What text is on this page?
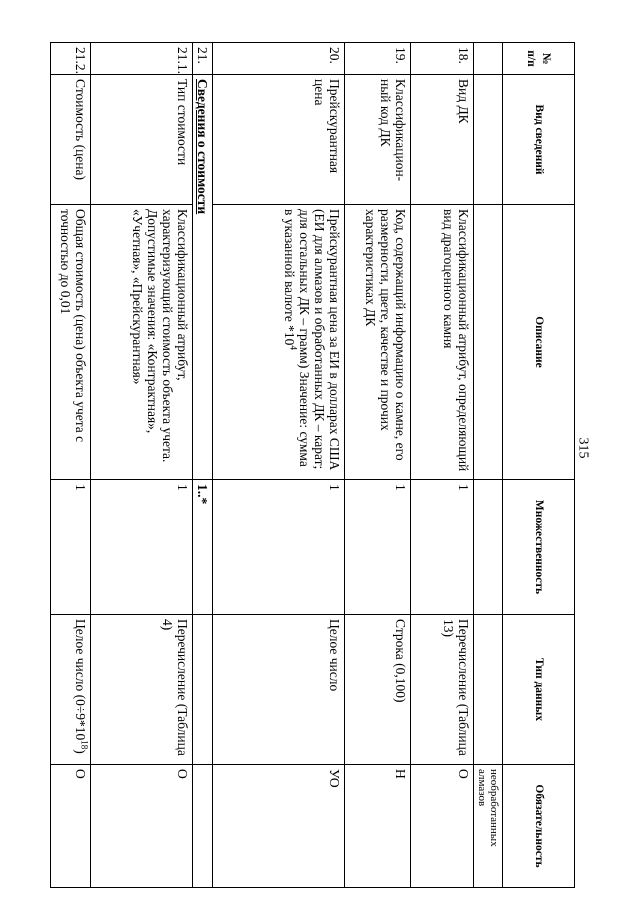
315
№ п/п	Вид сведений	Описание	Множественность	Тип данных	Обязательность
					необработанных алмазов
18.	Вид ДК	Классификационный атрибут, определяющий вид драгоценного камня	1	Перечисление (Таблица 13)	О
19.	Классификацион-ный код ДК	Код, содержащий информацию о камне, его размерности, цвете, качестве и прочих характеристиках ДК	1	Строка (0,100)	Н
20.	Прейскурантная цена	Прейскурантная цена за ЕИ в долларах США (ЕИ для алмазов и обработанных ДК – карат; для остальных ДК – грамм) Значение: сумма в указанной валюте $*10^4$	1	Целое число	УО
21.	Сведения о стоимости		1..*		
21.1.	Тип стоимости	Классификационный атрибут, характеризующий стоимость объекта учета. Допустимые значения: «Контрактная», «Учетная», «Прейскурантная»	1	Перечисление (Таблица 4)	О
21.2.	Стоимость (цена)	Общая стоимость (цена) объекта учета с точностью до 0,01	1	Целое число $(0\div 9*10^{18})$	О
